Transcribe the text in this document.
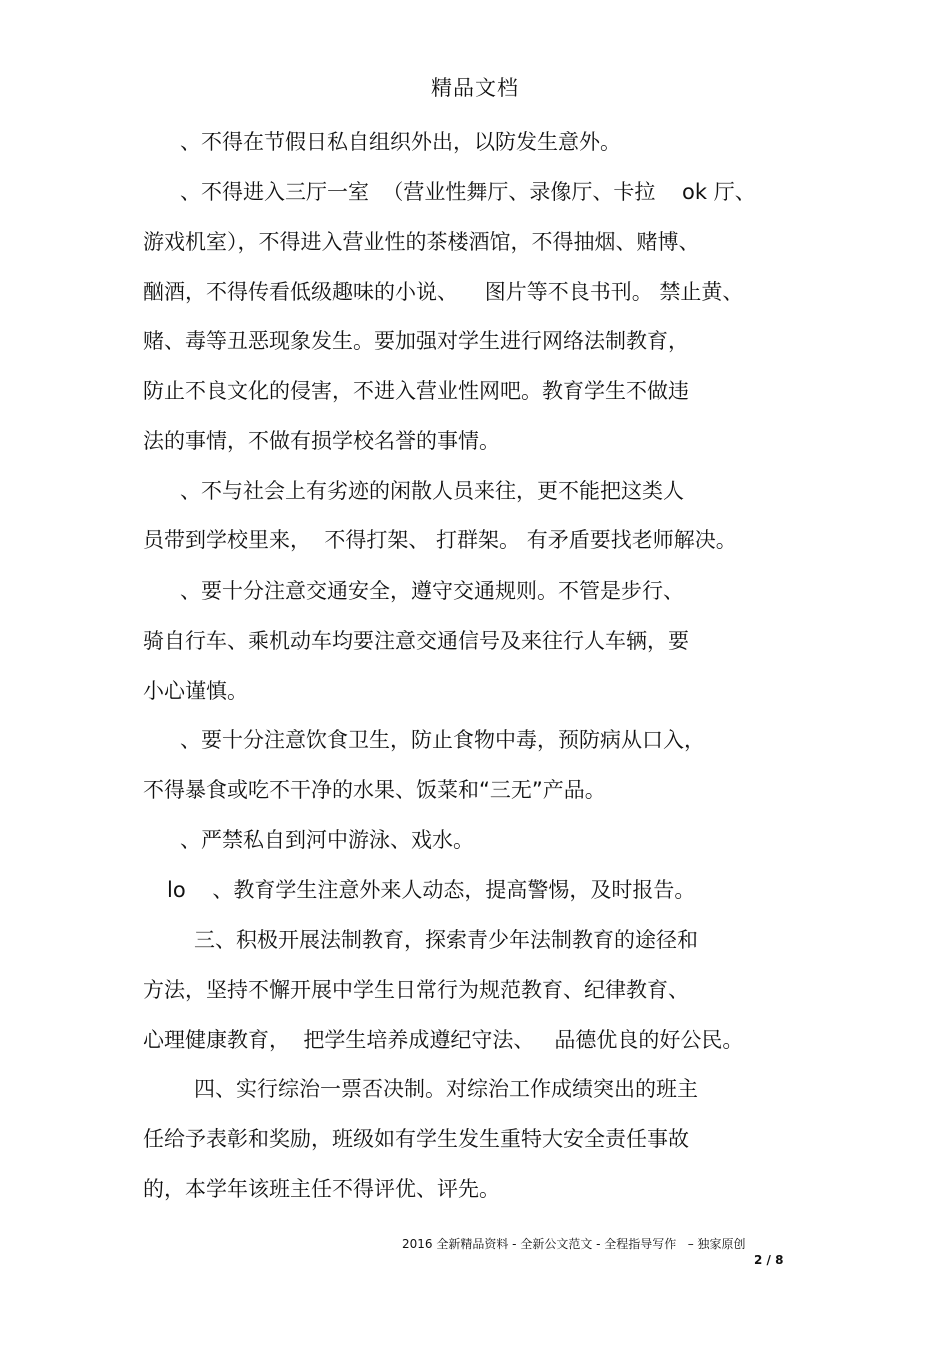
精品文档
、不得在节假日私自组织外出，以防发生意外。
、不得进入三厅一室  （营业性舞厅、录像厅、卡拉    ok 厅、
游戏机室），不得进入营业性的茶楼酒馆，不得抽烟、赌博、
酗酒，不得传看低级趣味的小说、    图片等不良书刊。 禁止黄、
赌、毒等丑恶现象发生。要加强对学生进行网络法制教育，
防止不良文化的侵害，不进入营业性网吧。教育学生不做违
法的事情，不做有损学校名誉的事情。
、不与社会上有劣迹的闲散人员来往，更不能把这类人
员带到学校里来，  不得打架、 打群架。 有矛盾要找老师解决。
、要十分注意交通安全，遵守交通规则。不管是步行、
骑自行车、乘机动车均要注意交通信号及来往行人车辆，要
小心谨慎。
、要十分注意饮食卫生，防止食物中毒，预防病从口入，
不得暴食或吃不干净的水果、饭菜和“三无”产品。
、严禁私自到河中游泳、戏水。
lo    、教育学生注意外来人动态，提高警惕，及时报告。
三、积极开展法制教育，探索青少年法制教育的途径和
方法，坚持不懈开展中学生日常行为规范教育、纪律教育、
心理健康教育，  把学生培养成遵纪守法、   品德优良的好公民。
四、实行综治一票否决制。对综治工作成绩突出的班主
任给予表彰和奖励，班级如有学生发生重特大安全责任事故
的，本学年该班主任不得评优、评先。
2016 全新精品资料 - 全新公文范文 - 全程指导写作   – 独家原创
2 / 8
